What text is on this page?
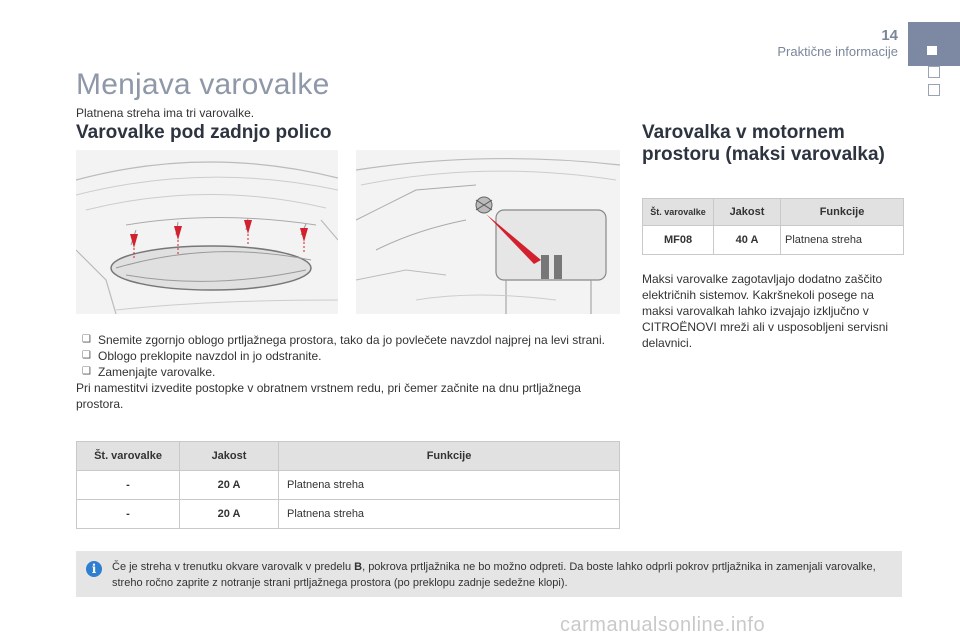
14
Praktične informacije
Menjava varovalke
Platnena streha ima tri varovalke.
Varovalke pod zadnjo polico
❑ Snemite zgornjo oblogo prtljažnega prostora, tako da jo povlečete navzdol najprej na levi strani.
❑ Oblogo preklopite navzdol in jo odstranite.
❑ Zamenjajte varovalke.
Pri namestitvi izvedite postopke v obratnem vrstnem redu, pri čemer začnite na dnu prtljažnega prostora.
Št. varovalke	Jakost	Funkcije
-	20 A	Platnena streha
-	20 A	Platnena streha
Varovalka v motornem
prostoru (maksi varovalka)
Št. varovalke	Jakost	Funkcije
MF08	40 A	Platnena streha
Maksi varovalke zagotavljajo dodatno zaščito električnih sistemov. Kakršnekoli posege na maksi varovalkah lahko izvajajo izključno v CITROËNOVI mreži ali v usposobljeni servisni delavnici.
i	Če je streha v trenutku okvare varovalk v predelu B, pokrova prtljažnika ne bo možno odpreti. Da boste lahko odprli pokrov prtljažnika in zamenjali varovalke, streho ročno zaprite z notranje strani prtljažnega prostora (po preklopu zadnje sedežne klopi).
carmanualsonline.info
